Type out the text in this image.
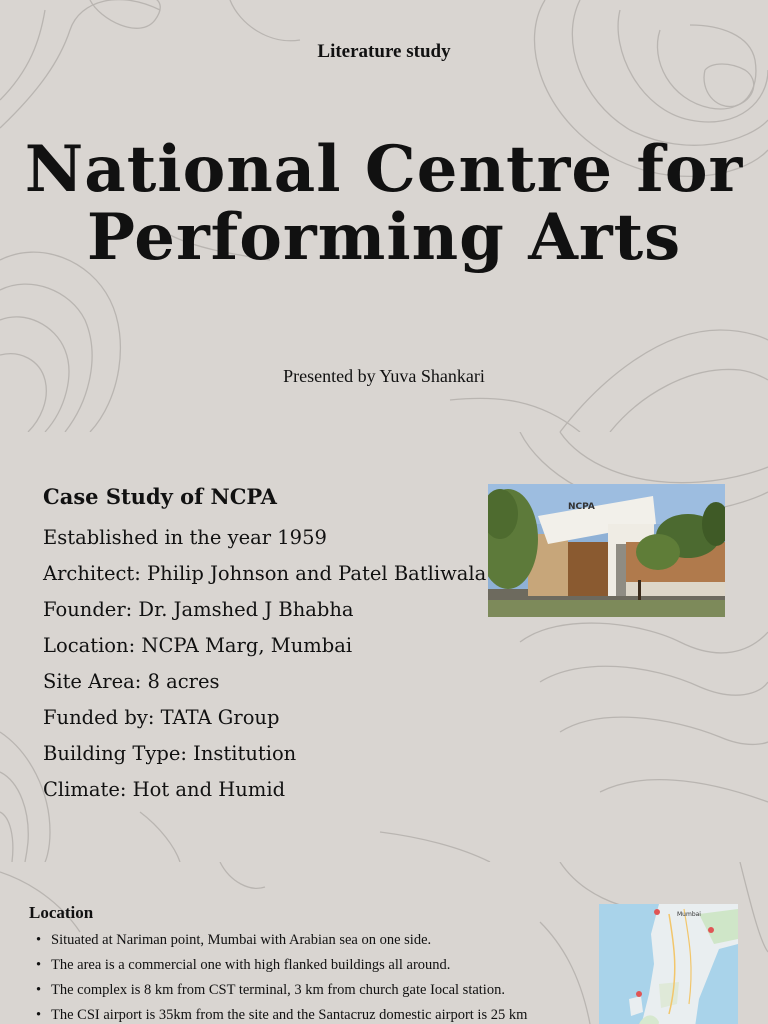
Literature study
National Centre for
Performing Arts
Presented by Yuva Shankari
Case Study of NCPA
Established in the year 1959
Architect: Philip Johnson and Patel Batliwala
Founder: Dr. Jamshed J Bhabha
Location: NCPA Marg, Mumbai
Site Area: 8 acres
Funded by: TATA Group
Building Type: Institution
Climate: Hot and Humid
NCPA
Location
• Situated at Nariman point, Mumbai with Arabian sea on one side.
• The area is a commercial one with high flanked buildings all around.
• The complex is 8 km from CST terminal, 3 km from church gate Iocal station.
• The CSI airport is 35km from the site and the Santacruz domestic airport is 25 km
Mumbai
